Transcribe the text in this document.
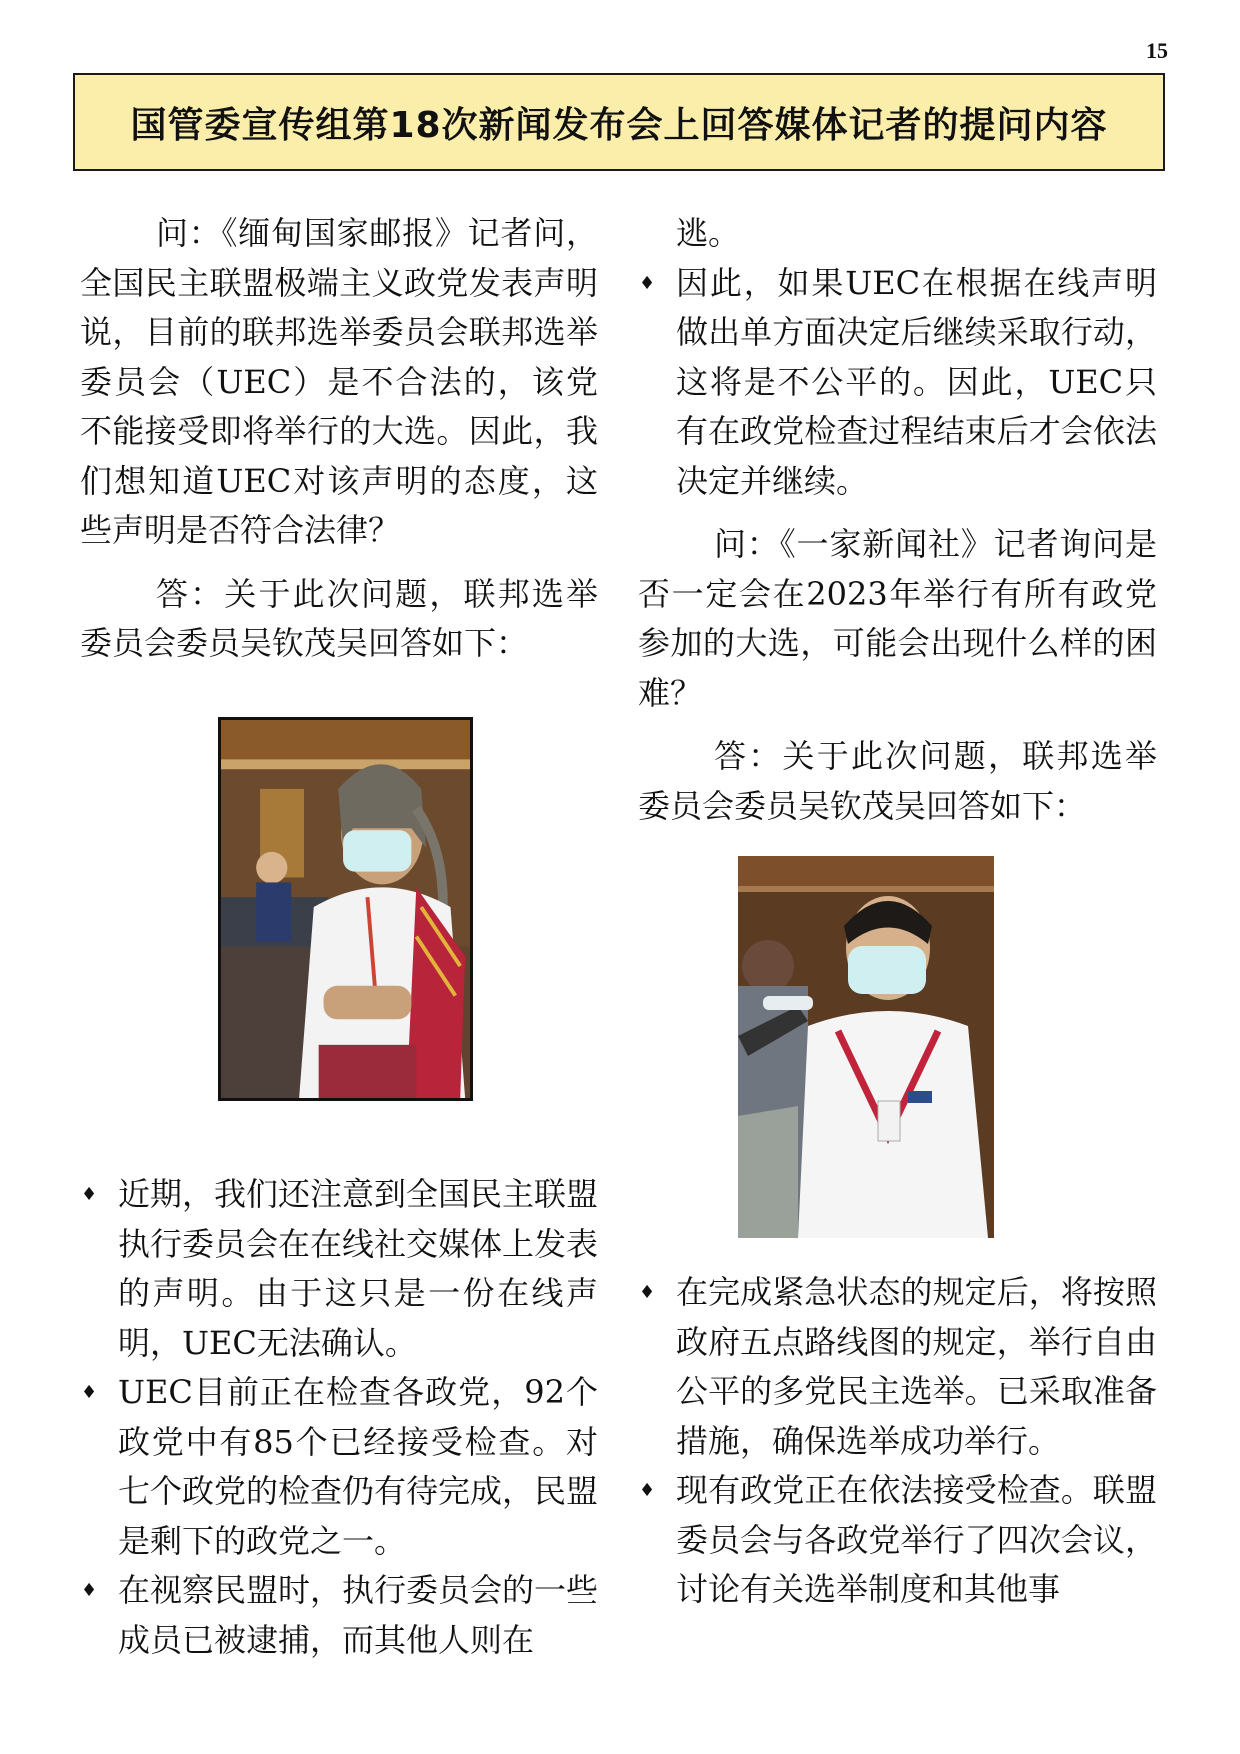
15
国管委宣传组第18次新闻发布会上回答媒体记者的提问内容

问：《缅甸国家邮报》记者问，全国民主联盟极端主义政党发表声明说，目前的联邦选举委员会联邦选举委员会（UEC）是不合法的，该党不能接受即将举行的大选。因此，我们想知道UEC对该声明的态度，这些声明是否符合法律？

答：关于此次问题，联邦选举委员会委员吴钦茂吴回答如下：

♦ 近期，我们还注意到全国民主联盟执行委员会在在线社交媒体上发表的声明。由于这只是一份在线声明，UEC无法确认。

♦ UEC目前正在检查各政党，92个政党中有85个已经接受检查。对七个政党的检查仍有待完成，民盟是剩下的政党之一。

♦ 在视察民盟时，执行委员会的一些成员已被逮捕，而其他人则在

逃。

♦ 因此，如果UEC在根据在线声明做出单方面决定后继续采取行动，这将是不公平的。因此，UEC只有在政党检查过程结束后才会依法决定并继续。

问：《一家新闻社》记者询问是否一定会在2023年举行有所有政党参加的大选，可能会出现什么样的困难？

答：关于此次问题，联邦选举委员会委员吴钦茂吴回答如下：

♦ 在完成紧急状态的规定后，将按照政府五点路线图的规定，举行自由公平的多党民主选举。已采取准备措施，确保选举成功举行。

♦ 现有政党正在依法接受检查。联盟委员会与各政党举行了四次会议，讨论有关选举制度和其他事
